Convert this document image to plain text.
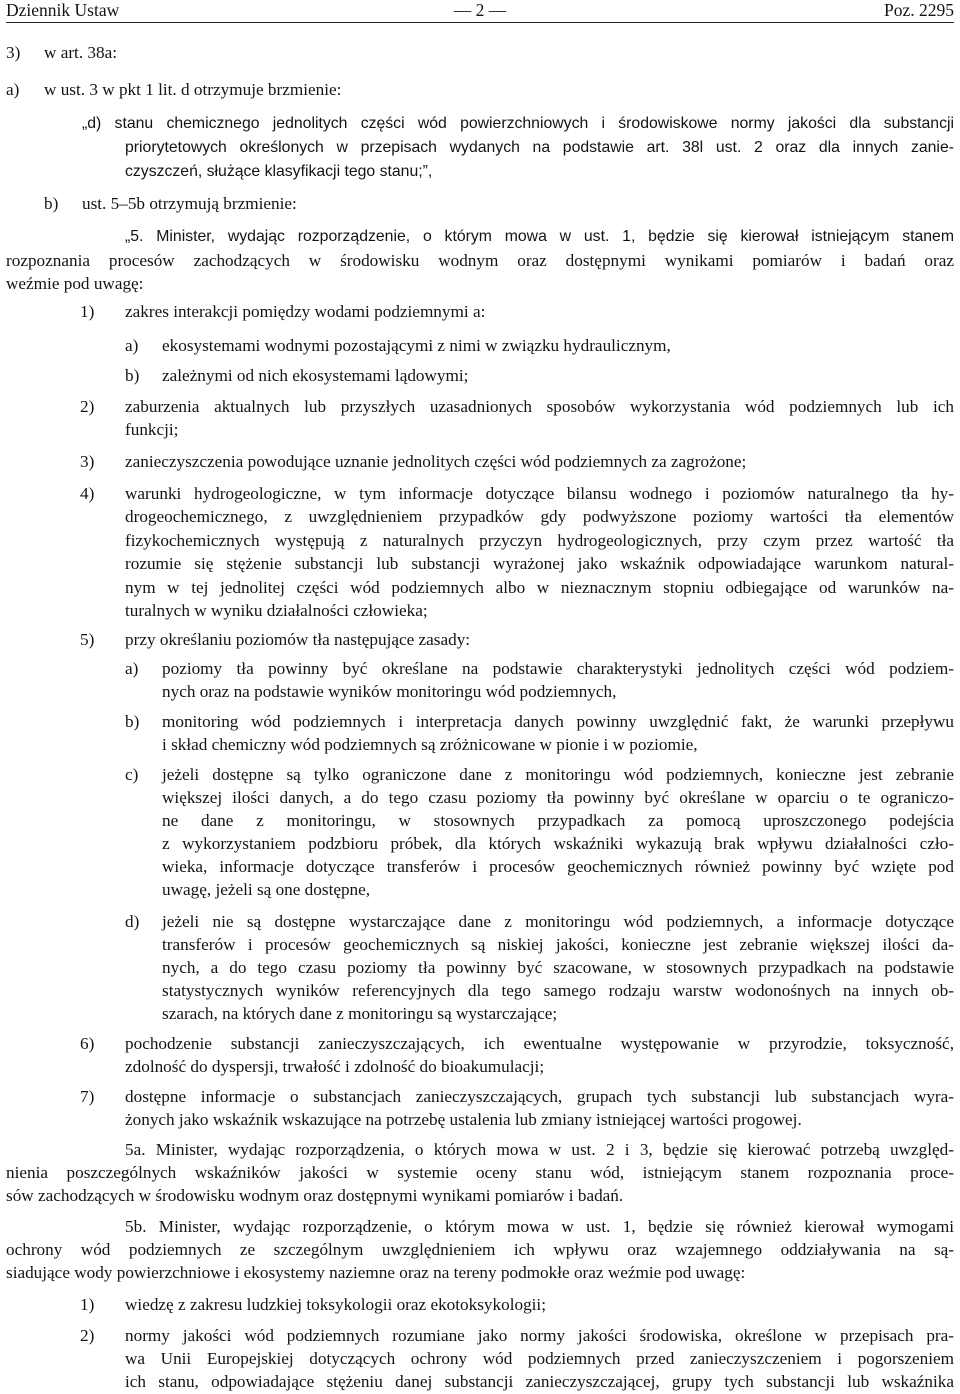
Dziennik Ustaw	— 2 —	Poz. 2295
3) w art. 38a:
a) w ust. 3 w pkt 1 lit. d otrzymuje brzmienie:
„d) stanu chemicznego jednolitych części wód powierzchniowych i środowiskowe normy jakości dla substancji
priorytetowych określonych w przepisach wydanych na podstawie art. 38l ust. 2 oraz dla innych zanie-
czyszczeń, służące klasyfikacji tego stanu;”,
b) ust. 5–5b otrzymują brzmienie:
„5. Minister, wydając rozporządzenie, o którym mowa w ust. 1, będzie się kierował istniejącym stanem
rozpoznania procesów zachodzących w środowisku wodnym oraz dostępnymi wynikami pomiarów i badań oraz
weźmie pod uwagę:
1) zakres interakcji pomiędzy wodami podziemnymi a:
a) ekosystemami wodnymi pozostającymi z nimi w związku hydraulicznym,
b) zależnymi od nich ekosystemami lądowymi;
2) zaburzenia aktualnych lub przyszłych uzasadnionych sposobów wykorzystania wód podziemnych lub ich
funkcji;
3) zanieczyszczenia powodujące uznanie jednolitych części wód podziemnych za zagrożone;
4) warunki hydrogeologiczne, w tym informacje dotyczące bilansu wodnego i poziomów naturalnego tła hy-
drogeochemicznego, z uwzględnieniem przypadków gdy podwyższone poziomy wartości tła elementów
fizykochemicznych występują z naturalnych przyczyn hydrogeologicznych, przy czym przez wartość tła
rozumie się stężenie substancji lub substancji wyrażonej jako wskaźnik odpowiadające warunkom natural-
nym w tej jednolitej części wód podziemnych albo w nieznacznym stopniu odbiegające od warunków na-
turalnych w wyniku działalności człowieka;
5) przy określaniu poziomów tła następujące zasady:
a) poziomy tła powinny być określane na podstawie charakterystyki jednolitych części wód podziem-
nych oraz na podstawie wyników monitoringu wód podziemnych,
b) monitoring wód podziemnych i interpretacja danych powinny uwzględnić fakt, że warunki przepływu
i skład chemiczny wód podziemnych są zróżnicowane w pionie i w poziomie,
c) jeżeli dostępne są tylko ograniczone dane z monitoringu wód podziemnych, konieczne jest zebranie
większej ilości danych, a do tego czasu poziomy tła powinny być określane w oparciu o te ograniczo-
ne dane z monitoringu, w stosownych przypadkach za pomocą uproszczonego podejścia
z wykorzystaniem podzbioru próbek, dla których wskaźniki wykazują brak wpływu działalności czło-
wieka, informacje dotyczące transferów i procesów geochemicznych również powinny być wzięte pod
uwagę, jeżeli są one dostępne,
d) jeżeli nie są dostępne wystarczające dane z monitoringu wód podziemnych, a informacje dotyczące
transferów i procesów geochemicznych są niskiej jakości, konieczne jest zebranie większej ilości da-
nych, a do tego czasu poziomy tła powinny być szacowane, w stosownych przypadkach na podstawie
statystycznych wyników referencyjnych dla tego samego rodzaju warstw wodonośnych na innych ob-
szarach, na których dane z monitoringu są wystarczające;
6) pochodzenie substancji zanieczyszczających, ich ewentualne występowanie w przyrodzie, toksyczność,
zdolność do dyspersji, trwałość i zdolność do bioakumulacji;
7) dostępne informacje o substancjach zanieczyszczających, grupach tych substancji lub substancjach wyra-
żonych jako wskaźnik wskazujące na potrzebę ustalenia lub zmiany istniejącej wartości progowej.
5a. Minister, wydając rozporządzenia, o których mowa w ust. 2 i 3, będzie się kierować potrzebą uwzględ-
nienia poszczególnych wskaźników jakości w systemie oceny stanu wód, istniejącym stanem rozpoznania proce-
sów zachodzących w środowisku wodnym oraz dostępnymi wynikami pomiarów i badań.
5b. Minister, wydając rozporządzenie, o którym mowa w ust. 1, będzie się również kierował wymogami
ochrony wód podziemnych ze szczególnym uwzględnieniem ich wpływu oraz wzajemnego oddziaływania na są-
siadujące wody powierzchniowe i ekosystemy naziemne oraz na tereny podmokłe oraz weźmie pod uwagę:
1) wiedzę z zakresu ludzkiej toksykologii oraz ekotoksykologii;
2) normy jakości wód podziemnych rozumiane jako normy jakości środowiska, określone w przepisach pra-
wa Unii Europejskiej dotyczących ochrony wód podziemnych przed zanieczyszczeniem i pogorszeniem
ich stanu, odpowiadające stężeniu danej substancji zanieczyszczającej, grupy tych substancji lub wskaźnika
